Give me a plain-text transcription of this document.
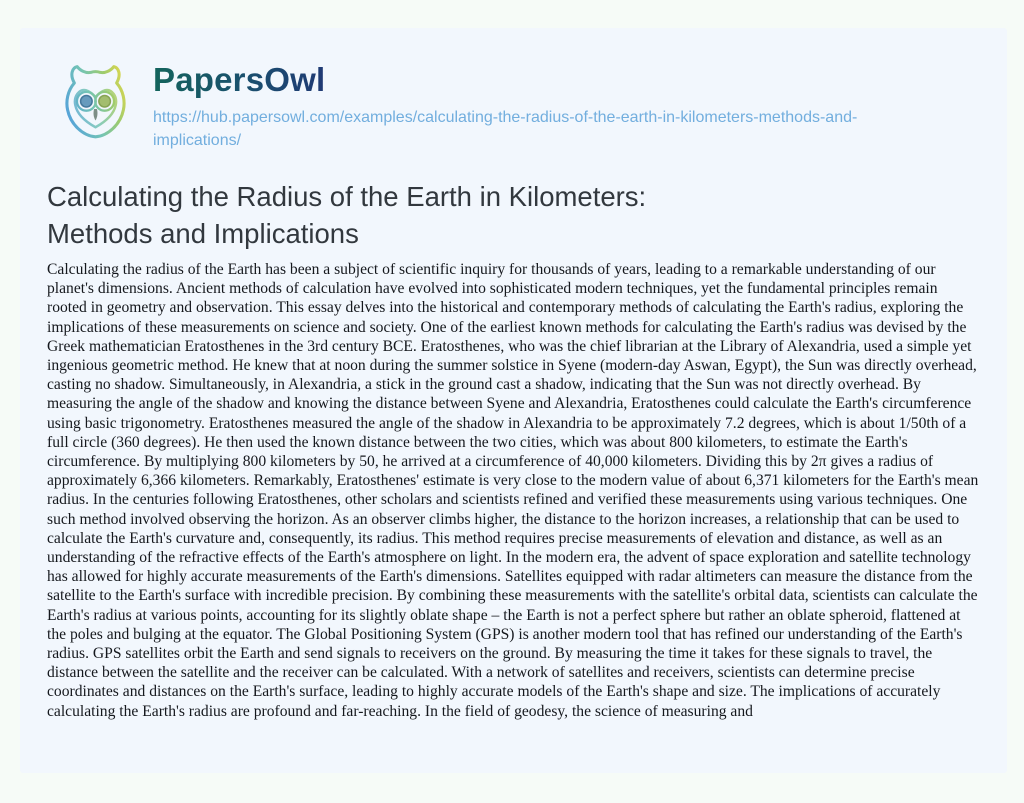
PapersOwl
https://hub.papersowl.com/examples/calculating-the-radius-of-the-earth-in-kilometers-methods-and-implications/
Calculating the Radius of the Earth in Kilometers: Methods and Implications

Calculating the radius of the Earth has been a subject of scientific inquiry for thousands of years, leading to a remarkable understanding of our planet's dimensions. Ancient methods of calculation have evolved into sophisticated modern techniques, yet the fundamental principles remain rooted in geometry and observation. This essay delves into the historical and contemporary methods of calculating the Earth's radius, exploring the implications of these measurements on science and society. One of the earliest known methods for calculating the Earth's radius was devised by the Greek mathematician Eratosthenes in the 3rd century BCE. Eratosthenes, who was the chief librarian at the Library of Alexandria, used a simple yet ingenious geometric method. He knew that at noon during the summer solstice in Syene (modern-day Aswan, Egypt), the Sun was directly overhead, casting no shadow. Simultaneously, in Alexandria, a stick in the ground cast a shadow, indicating that the Sun was not directly overhead. By measuring the angle of the shadow and knowing the distance between Syene and Alexandria, Eratosthenes could calculate the Earth's circumference using basic trigonometry. Eratosthenes measured the angle of the shadow in Alexandria to be approximately 7.2 degrees, which is about 1/50th of a full circle (360 degrees). He then used the known distance between the two cities, which was about 800 kilometers, to estimate the Earth's circumference. By multiplying 800 kilometers by 50, he arrived at a circumference of 40,000 kilometers. Dividing this by 2π gives a radius of approximately 6,366 kilometers. Remarkably, Eratosthenes' estimate is very close to the modern value of about 6,371 kilometers for the Earth's mean radius. In the centuries following Eratosthenes, other scholars and scientists refined and verified these measurements using various techniques. One such method involved observing the horizon. As an observer climbs higher, the distance to the horizon increases, a relationship that can be used to calculate the Earth's curvature and, consequently, its radius. This method requires precise measurements of elevation and distance, as well as an understanding of the refractive effects of the Earth's atmosphere on light. In the modern era, the advent of space exploration and satellite technology has allowed for highly accurate measurements of the Earth's dimensions. Satellites equipped with radar altimeters can measure the distance from the satellite to the Earth's surface with incredible precision. By combining these measurements with the satellite's orbital data, scientists can calculate the Earth's radius at various points, accounting for its slightly oblate shape – the Earth is not a perfect sphere but rather an oblate spheroid, flattened at the poles and bulging at the equator. The Global Positioning System (GPS) is another modern tool that has refined our understanding of the Earth's radius. GPS satellites orbit the Earth and send signals to receivers on the ground. By measuring the time it takes for these signals to travel, the distance between the satellite and the receiver can be calculated. With a network of satellites and receivers, scientists can determine precise coordinates and distances on the Earth's surface, leading to highly accurate models of the Earth's shape and size. The implications of accurately calculating the Earth's radius are profound and far-reaching. In the field of geodesy, the science of measuring and
